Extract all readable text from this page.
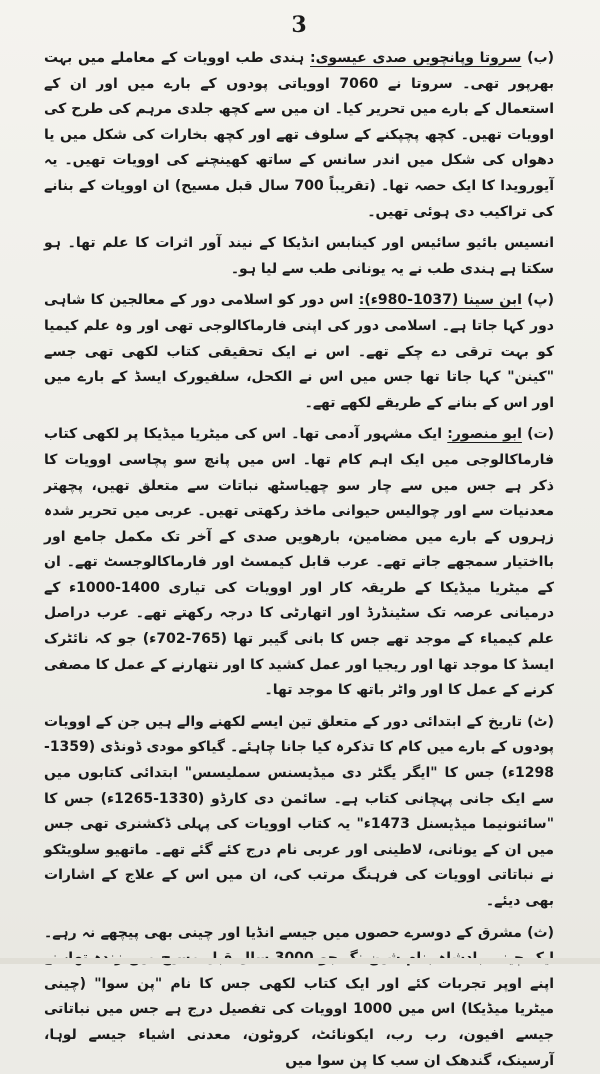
3

(ب) سروتا وپانچویں صدی عیسوی: ہندی طب اوویات کے معاملے میں بہت بھرپور تھی۔ سروتا نے 7060 اوویاتی پودوں کے بارے میں اور ان کے استعمال کے بارے میں تحریر کیا۔ ان میں سے کچھ جلدی مرہم کی طرح کی اوویات تھیں۔ کچھ پچپکنے کے سلوف تھے اور کچھ بخارات کی شکل میں یا دھواں کی شکل میں اندر سانس کے ساتھ کھینچنے کی اوویات تھیں۔ یہ آیورویدا کا ایک حصہ تھا۔ (تقریباً 700 سال قبل مسیح) ان اوویات کے بنانے کی تراکیب دی ہوئی تھیں۔

انسیس بائیو سائیس اور کینابس انڈیکا کے نیند آور اثرات کا علم تھا۔ ہو سکتا ہے ہندی طب نے یہ یونانی طب سے لیا ہو۔

(پ) ابن سینا (1037-980ء): اس دور کو اسلامی دور کے معالجین کا شاہی دور کہا جاتا ہے۔ اسلامی دور کی اپنی فارماکالوجی تھی اور وہ علم کیمیا کو بہت ترقی دے چکے تھے۔ اس نے ایک تحقیقی کتاب لکھی تھی جسے "کینن" کہا جاتا تھا جس میں اس نے الکحل، سلفیورک ایسڈ کے بارے میں اور اس کے بنانے کے طریقے لکھے تھے۔

(ت) ابو منصور: ایک مشہور آدمی تھا۔ اس کی میٹریا میڈیکا پر لکھی کتاب فارماکالوجی میں ایک اہم کام تھا۔ اس میں پانچ سو پچاسی اوویات کا ذکر ہے جس میں سے چار سو چھیاسٹھ نباتات سے متعلق تھیں، پچھتر معدنیات سے اور چوالیس حیوانی ماخذ رکھتی تھیں۔ عربی میں تحریر شدہ زہروں کے بارے میں مضامین، بارھویں صدی کے آخر تک مکمل جامع اور بااختیار سمجھے جاتے تھے۔ عرب قابل کیمسٹ اور فارماکالوجسٹ تھے۔ ان کے میٹریا میڈیکا کے طریقہ کار اور اوویات کی تیاری 1400-1000ء کے درمیانی عرصہ تک سٹینڈرڈ اور اتھارٹی کا درجہ رکھتے تھے۔ عرب دراصل علم کیمیاء کے موجد تھے جس کا بانی گیبر تھا (765-702ء) جو کہ نائٹرک ایسڈ کا موجد تھا اور ریجیا اور عمل کشید کا اور نتھارنے کے عمل کا مصفی کرنے کے عمل کا اور واٹر باتھ کا موجد تھا۔

(ٹ) تاریخ کے ابتدائی دور کے متعلق تین ایسے لکھنے والے ہیں جن کے اوویات پودوں کے بارے میں کام کا تذکرہ کیا جانا چاہئے۔ گیاکو مودی ڈونڈی (1359-1298ء) جس کا "ایگر یگٹر دی میڈیسنس سملیسس" ابتدائی کتابوں میں سے ایک جانی پہچانی کتاب ہے۔ سائمن دی کارڈو (1330-1265ء) جس کا "سائنونیما میڈیسنل 1473ء" یہ کتاب اوویات کی پہلی ڈکشنری تھی جس میں ان کے یونانی، لاطینی اور عربی نام درج کئے گئے تھے۔ ماتھیو سلویٹکو نے نباتاتی اوویات کی فرہنگ مرتب کی، ان میں اس کے علاج کے اشارات بھی دیئے۔

(ث) مشرق کے دوسرے حصوں میں جیسے انڈیا اور چینی بھی پیچھے نہ رہے۔ اپنے اوپر تجربات کئے اور ایک کتاب لکھی جس کا نام "پن سوا" (چینی میٹریا میڈیکا) اس میں 1000 اوویات کی تفصیل درج ہے جس میں نباتاتی جیسے افیون، رب رب، ایکونائٹ، کروٹون، معدنی اشیاء جیسے لوہا، آرسینک، گندھک ان سب کا پن سوا میں
